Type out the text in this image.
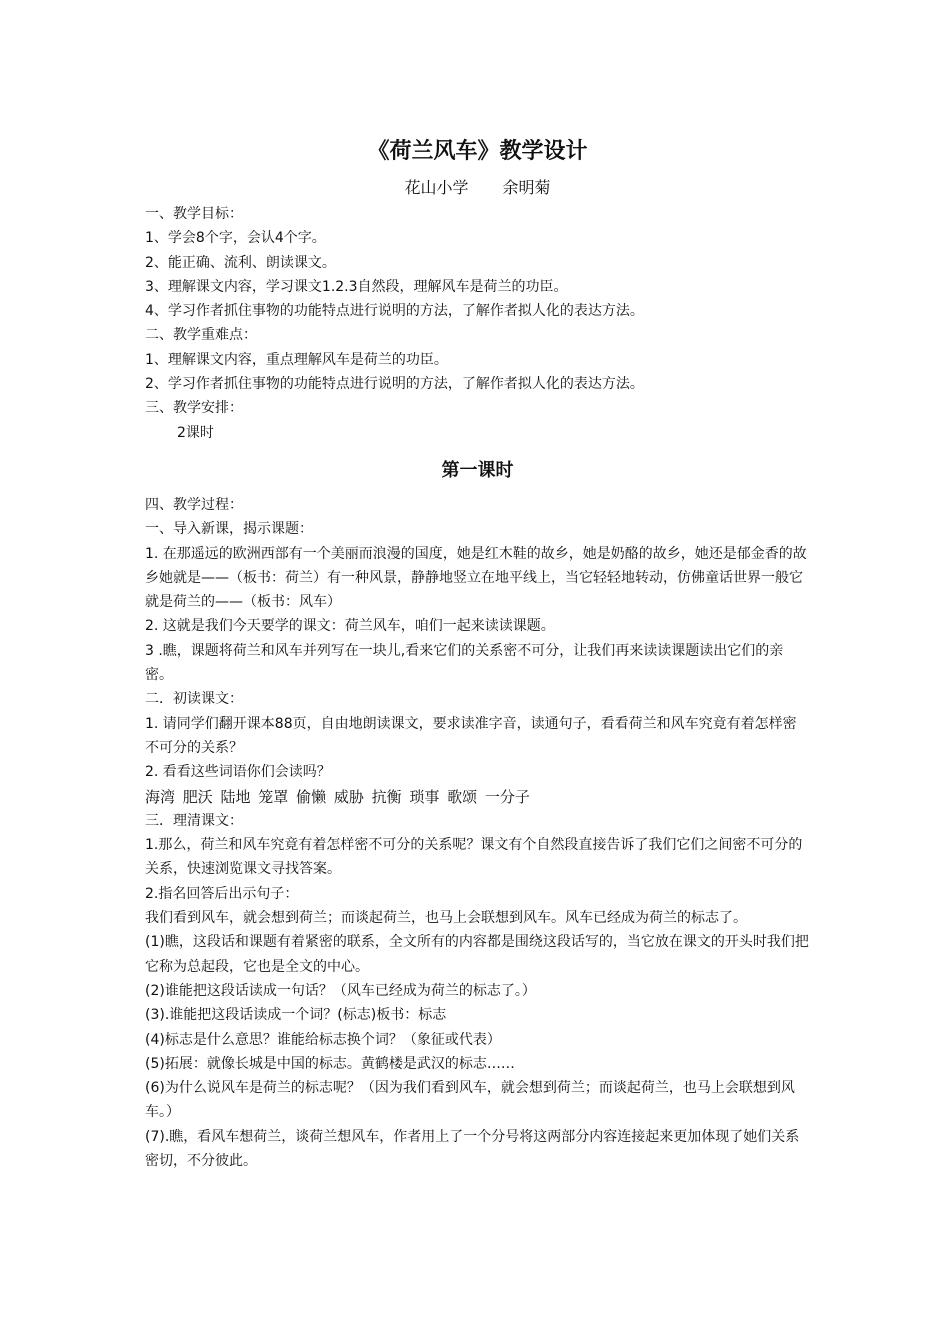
《荷兰风车》教学设计
花山小学 余明菊

一、教学目标：

1、学会8个字，会认4个字。

2、能正确、流利、朗读课文。

3、理解课文内容，学习课文1.2.3自然段，理解风车是荷兰的功臣。

4、学习作者抓住事物的功能特点进行说明的方法，了解作者拟人化的表达方法。

二、教学重难点：

1、理解课文内容，重点理解风车是荷兰的功臣。

2、学习作者抓住事物的功能特点进行说明的方法，了解作者拟人化的表达方法。

三、教学安排：

2课时

第一课时

四、教学过程：

一、导入新课，揭示课题：

1. 在那遥远的欧洲西部有一个美丽而浪漫的国度，她是红木鞋的故乡，她是奶酪的故乡，她还是郁金香的故乡她就是——（板书：荷兰）有一种风景，静静地竖立在地平线上，当它轻轻地转动，仿佛童话世界一般它就是荷兰的——（板书：风车）

2. 这就是我们今天要学的课文：荷兰风车，咱们一起来读读课题。

3 .瞧，课题将荷兰和风车并列写在一块儿,看来它们的关系密不可分，让我们再来读读课题读出它们的亲密。

二．初读课文：

1. 请同学们翻开课本88页，自由地朗读课文，要求读准字音，读通句子，看看荷兰和风车究竟有着怎样密不可分的关系？

2. 看看这些词语你们会读吗？

海湾 肥沃 陆地 笼罩 偷懒 威胁 抗衡 琐事 歌颂 一分子

三．理清课文：

1.那么，荷兰和风车究竟有着怎样密不可分的关系呢？课文有个自然段直接告诉了我们它们之间密不可分的关系，快速浏览课文寻找答案。

2.指名回答后出示句子：

我们看到风车，就会想到荷兰；而谈起荷兰，也马上会联想到风车。风车已经成为荷兰的标志了。

(1)瞧，这段话和课题有着紧密的联系，全文所有的内容都是围绕这段话写的，当它放在课文的开头时我们把它称为总起段，它也是全文的中心。

(2)谁能把这段话读成一句话？（风车已经成为荷兰的标志了。）

(3).谁能把这段话读成一个词？(标志)板书：标志

(4)标志是什么意思？谁能给标志换个词？（象征或代表）

(5)拓展：就像长城是中国的标志。黄鹤楼是武汉的标志……

(6)为什么说风车是荷兰的标志呢？（因为我们看到风车，就会想到荷兰；而谈起荷兰，也马上会联想到风车。）

(7).瞧，看风车想荷兰，谈荷兰想风车，作者用上了一个分号将这两部分内容连接起来更加体现了她们关系密切，不分彼此。
